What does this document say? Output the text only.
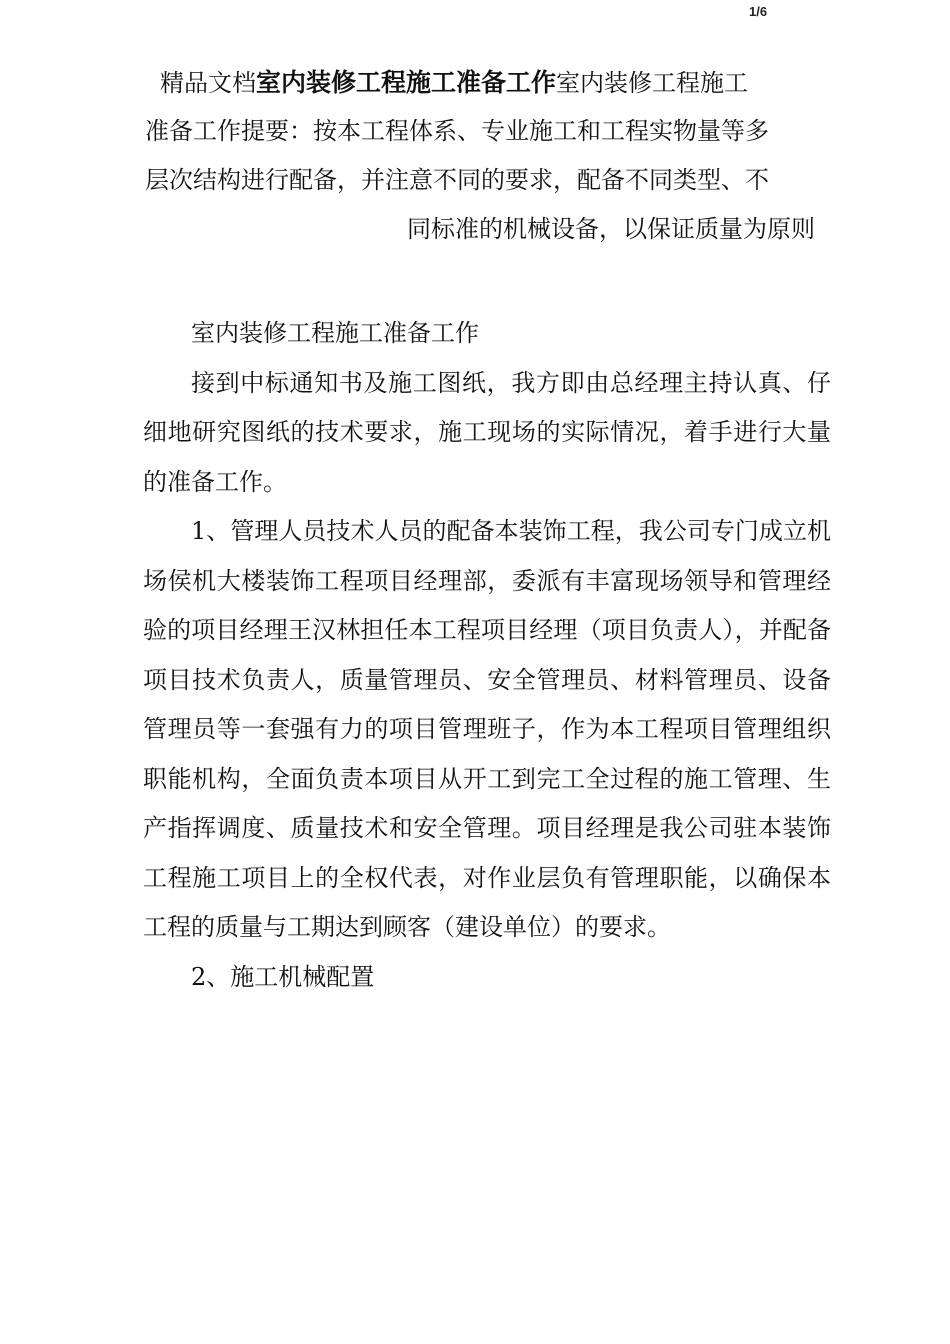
1/6
精品文档室内装修工程施工准备工作室内装修工程施工
准备工作提要：按本工程体系、专业施工和工程实物量等多
层次结构进行配备，并注意不同的要求，配备不同类型、不
同标准的机械设备，以保证质量为原则

室内装修工程施工准备工作

接到中标通知书及施工图纸，我方即由总经理主持认真、仔细地研究图纸的技术要求，施工现场的实际情况，着手进行大量的准备工作。

1、管理人员技术人员的配备本装饰工程，我公司专门成立机场侯机大楼装饰工程项目经理部，委派有丰富现场领导和管理经验的项目经理王汉林担任本工程项目经理（项目负责人），并配备项目技术负责人，质量管理员、安全管理员、材料管理员、设备管理员等一套强有力的项目管理班子，作为本工程项目管理组织职能机构，全面负责本项目从开工到完工全过程的施工管理、生产指挥调度、质量技术和安全管理。项目经理是我公司驻本装饰工程施工项目上的全权代表，对作业层负有管理职能，以确保本工程的质量与工期达到顾客（建设单位）的要求。

2、施工机械配置
